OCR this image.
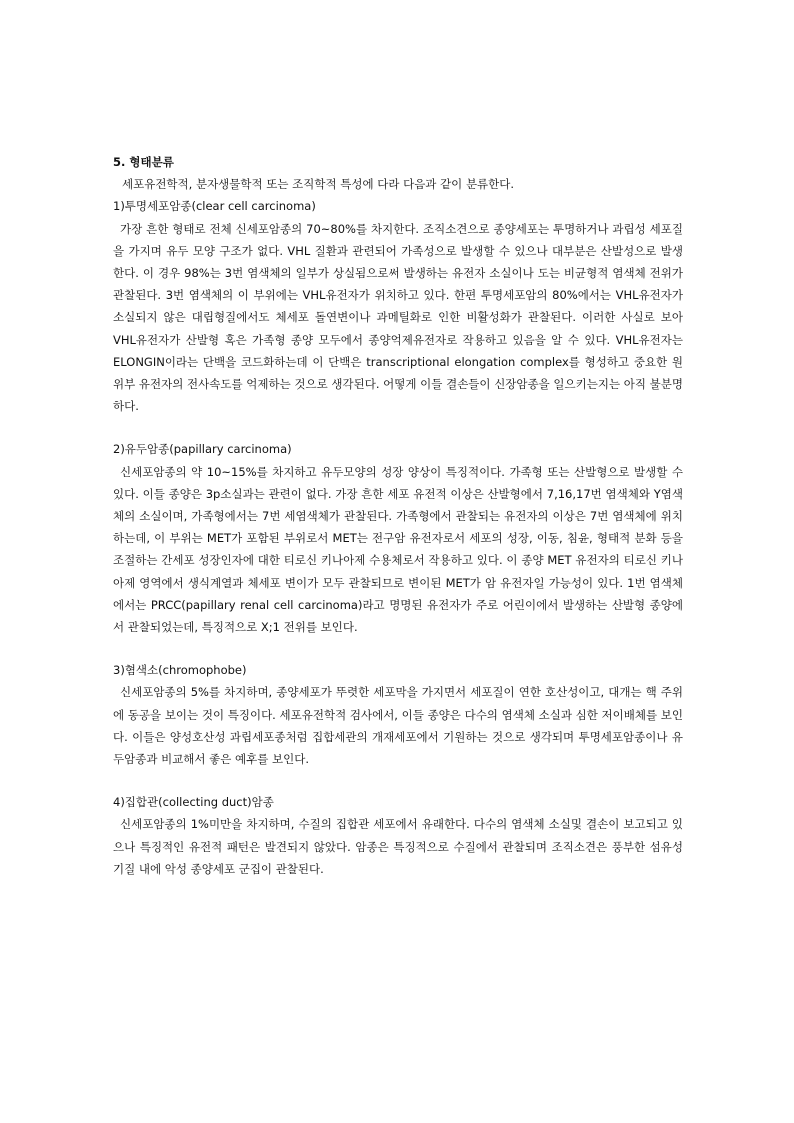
5. 형태분류

세포유전학적, 분자생물학적 또는 조직학적 특성에 다라 다음과 같이 분류한다.

1)투명세포암종(clear cell carcinoma)

가장 흔한 형태로 전체 신세포암종의 70~80%를 차지한다. 조직소견으로 종양세포는 투명하거나 과립성 세포질을 가지며 유두 모양 구조가 없다. VHL 질환과 관련되어 가족성으로 발생할 수 있으나 대부분은 산발성으로 발생한다. 이 경우 98%는 3번 염색체의 일부가 상실됨으로써 발생하는 유전자 소실이나 도는 비균형적 염색체 전위가 관찰된다. 3번 염색체의 이 부위에는 VHL유전자가 위치하고 있다. 한편 투명세포암의 80%에서는 VHL유전자가 소실되지 않은 대립형질에서도 체세포 돌연변이나 과메틸화로 인한 비활성화가 관찰된다. 이러한 사실로 보아 VHL유전자가 산발형 혹은 가족형 종양 모두에서 종양억제유전자로 작용하고 있음을 알 수 있다. VHL유전자는 ELONGIN이라는 단백을 코드화하는데 이 단백은 transcriptional elongation complex를 형성하고 중요한 원위부 유전자의 전사속도를 억제하는 것으로 생각된다. 어떻게 이들 결손들이 신장암종을 일으키는지는 아직 불분명하다.

2)유두암종(papillary carcinoma)

신세포암종의 약 10~15%를 차지하고 유두모양의 성장 양상이 특징적이다. 가족형 또는 산발형으로 발생할 수 있다. 이들 종양은 3p소실과는 관련이 없다. 가장 흔한 세포 유전적 이상은 산발형에서 7,16,17번 염색체와 Y염색체의 소실이며, 가족형에서는 7번 세염색체가 관찰된다. 가족형에서 관찰되는 유전자의 이상은 7번 염색체에 위치하는데, 이 부위는 MET가 포함된 부위로서 MET는 전구암 유전자로서 세포의 성장, 이동, 침윤, 형태적 분화 등을 조절하는 간세포 성장인자에 대한 티로신 키나아제 수용체로서 작용하고 있다. 이 종양 MET 유전자의 티로신 키나아제 영역에서 생식계열과 체세포 변이가 모두 관찰되므로 변이된 MET가 암 유전자일 가능성이 있다. 1번 염색체에서는 PRCC(papillary renal cell carcinoma)라고 명명된 유전자가 주로 어린이에서 발생하는 산발형 종양에서 관찰되었는데, 특징적으로 X;1 전위를 보인다.

3)혐색소(chromophobe)

신세포암종의 5%를 차지하며, 종양세포가 뚜렷한 세포막을 가지면서 세포질이 연한 호산성이고, 대개는 핵 주위에 동공을 보이는 것이 특징이다. 세포유전학적 검사에서, 이들 종양은 다수의 염색체 소실과 심한 저이배체를 보인다. 이들은 양성호산성 과립세포종처럼 집합세관의 개재세포에서 기원하는 것으로 생각되며 투명세포암종이나 유두암종과 비교해서 좋은 예후를 보인다.

4)집합관(collecting duct)암종

신세포암종의 1%미만을 차지하며, 수질의 집합관 세포에서 유래한다. 다수의 염색체 소실및 결손이 보고되고 있으나 특징적인 유전적 패턴은 발견되지 않았다. 암종은 특징적으로 수질에서 관찰되며 조직소견은 풍부한 섬유성 기질 내에 악성 종양세포 군집이 관찰된다.
